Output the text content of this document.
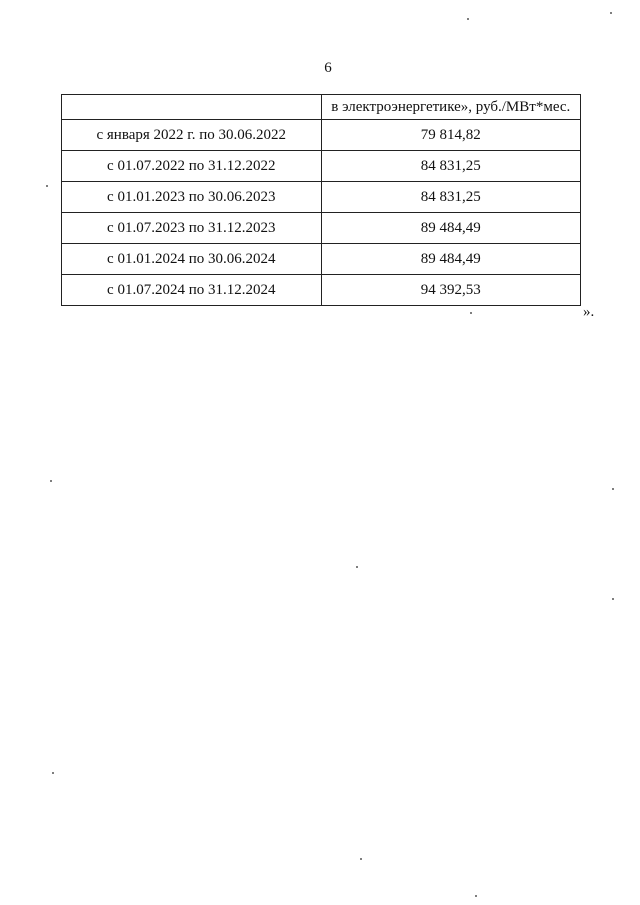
6
	в электроэнергетике», руб./МВт*мес.
с января 2022 г. по 30.06.2022	79 814,82
с 01.07.2022 по 31.12.2022	84 831,25
с 01.01.2023 по 30.06.2023	84 831,25
с 01.07.2023 по 31.12.2023	89 484,49
с 01.01.2024 по 30.06.2024	89 484,49
с 01.07.2024 по 31.12.2024	94 392,53
».
